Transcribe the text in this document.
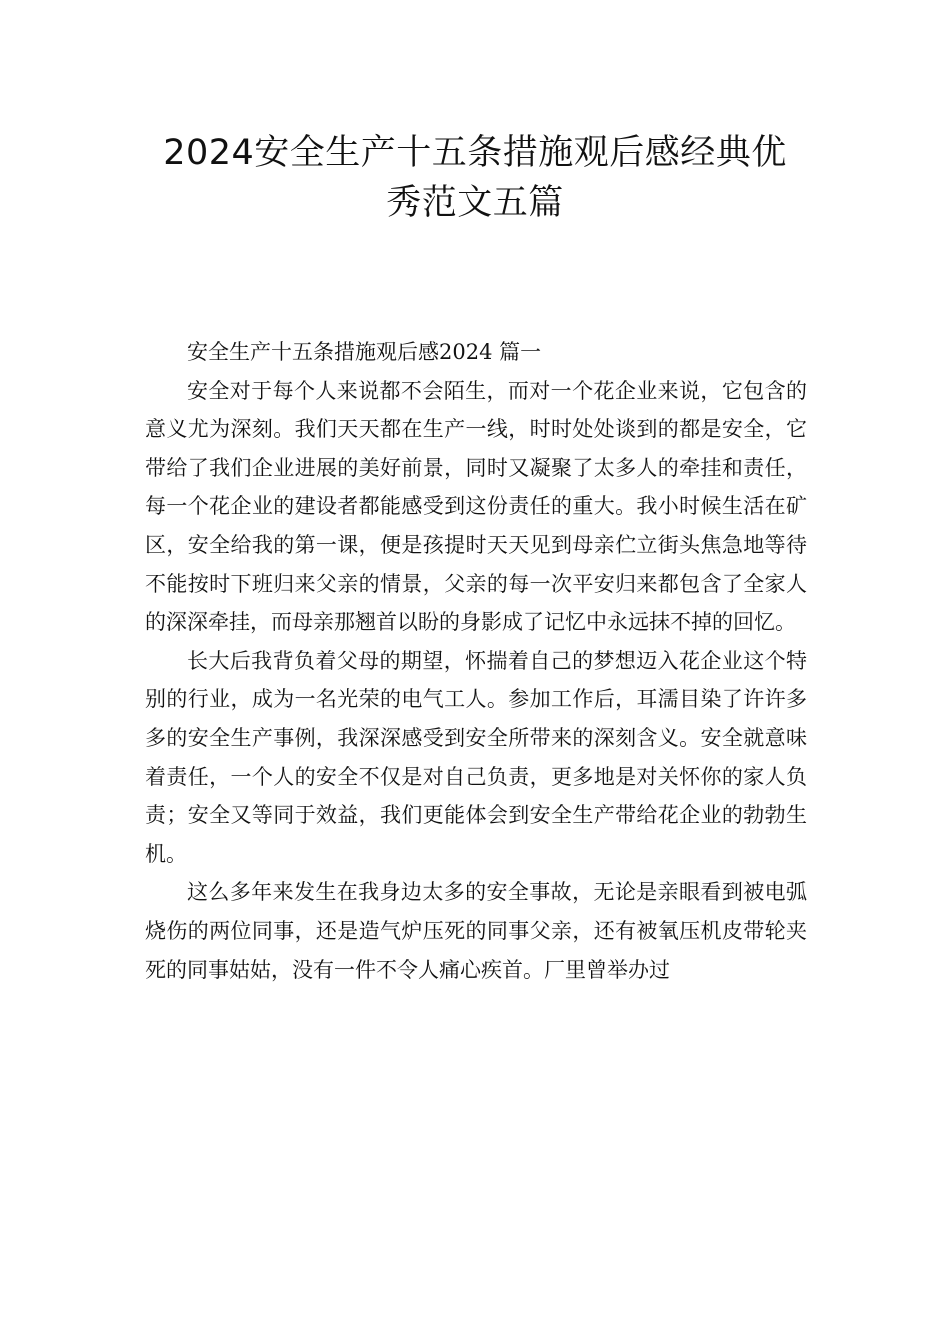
2024安全生产十五条措施观后感经典优
秀范文五篇

安全生产十五条措施观后感2024 篇一

安全对于每个人来说都不会陌生，而对一个花企业来说，它包含的意义尤为深刻。我们天天都在生产一线，时时处处谈到的都是安全，它带给了我们企业进展的美好前景，同时又凝聚了太多人的牵挂和责任，每一个花企业的建设者都能感受到这份责任的重大。我小时候生活在矿区，安全给我的第一课，便是孩提时天天见到母亲伫立街头焦急地等待不能按时下班归来父亲的情景，父亲的每一次平安归来都包含了全家人的深深牵挂，而母亲那翘首以盼的身影成了记忆中永远抹不掉的回忆。

长大后我背负着父母的期望，怀揣着自己的梦想迈入花企业这个特别的行业，成为一名光荣的电气工人。参加工作后，耳濡目染了许许多多的安全生产事例，我深深感受到安全所带来的深刻含义。安全就意味着责任，一个人的安全不仅是对自己负责，更多地是对关怀你的家人负责；安全又等同于效益，我们更能体会到安全生产带给花企业的勃勃生机。

这么多年来发生在我身边太多的安全事故，无论是亲眼看到被电弧烧伤的两位同事，还是造气炉压死的同事父亲，还有被氧压机皮带轮夹死的同事姑姑，没有一件不令人痛心疾首。厂里曾举办过
